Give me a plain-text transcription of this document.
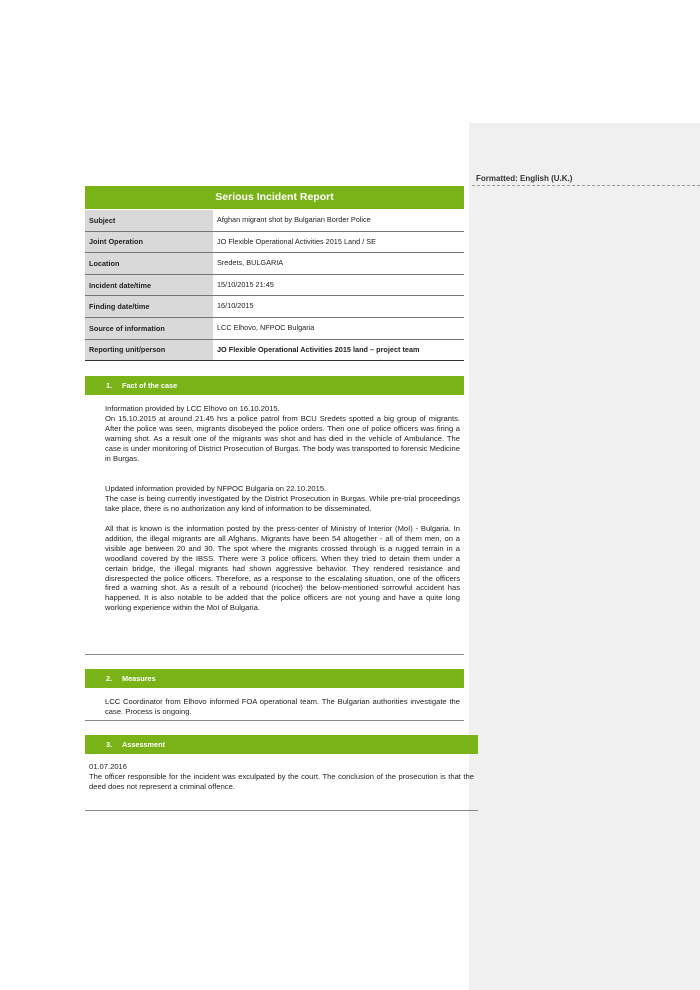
Formatted: English (U.K.)
Serious Incident Report
Subject	Afghan migrant shot by Bulgarian Border Police
Joint Operation	JO Flexible Operational Activities 2015 Land / SE
Location	Sredets, BULGARIA
Incident date/time	15/10/2015 21:45
Finding date/time	16/10/2015
Source of information	LCC Elhovo, NFPOC Bulgaria
Reporting unit/person	JO Flexible Operational Activities 2015 land – project team
1. Fact of the case
Information provided by LCC Elhovo on 16.10.2015.
On 15.10.2015 at around 21.45 hrs a police patrol from BCU Sredets spotted a big group of migrants. After the police was seen, migrants disobeyed the police orders. Then one of police officers was firing a warning shot. As a result one of the migrants was shot and has died in the vehicle of Ambulance. The case is under monitoring of District Prosecution of Burgas. The body was transported to forensic Medicine in Burgas.
Updated information provided by NFPOC Bulgaria on 22.10.2015.
The case is being currently investigated by the District Prosecution in Burgas. While pre-trial proceedings take place, there is no authorization any kind of information to be disseminated.
All that is known is the information posted by the press-center of Ministry of Interior (MoI) - Bulgaria. In addition, the illegal migrants are all Afghans. Migrants have been 54 altogether - all of them men, on a visible age between 20 and 30. The spot where the migrants crossed through is a rugged terrain in a woodland covered by the IBSS. There were 3 police officers. When they tried to detain them under a certain bridge, the illegal migrants had shown aggressive behavior. They rendered resistance and disrespected the police officers. Therefore, as a response to the escalating situation, one of the officers fired a warning shot. As a result of a rebound (ricochet) the below-mentioned sorrowful accident has happened. It is also notable to be added that the police officers are not young and have a quite long working experience within the MoI of Bulgaria.
2. Measures
LCC Coordinator from Elhovo informed FOA operational team. The Bulgarian authorities investigate the case. Process is ongoing.
3. Assessment
01.07.2016
The officer responsible for the incident was exculpated by the court. The conclusion of the prosecution is that the deed does not represent a criminal offence.
